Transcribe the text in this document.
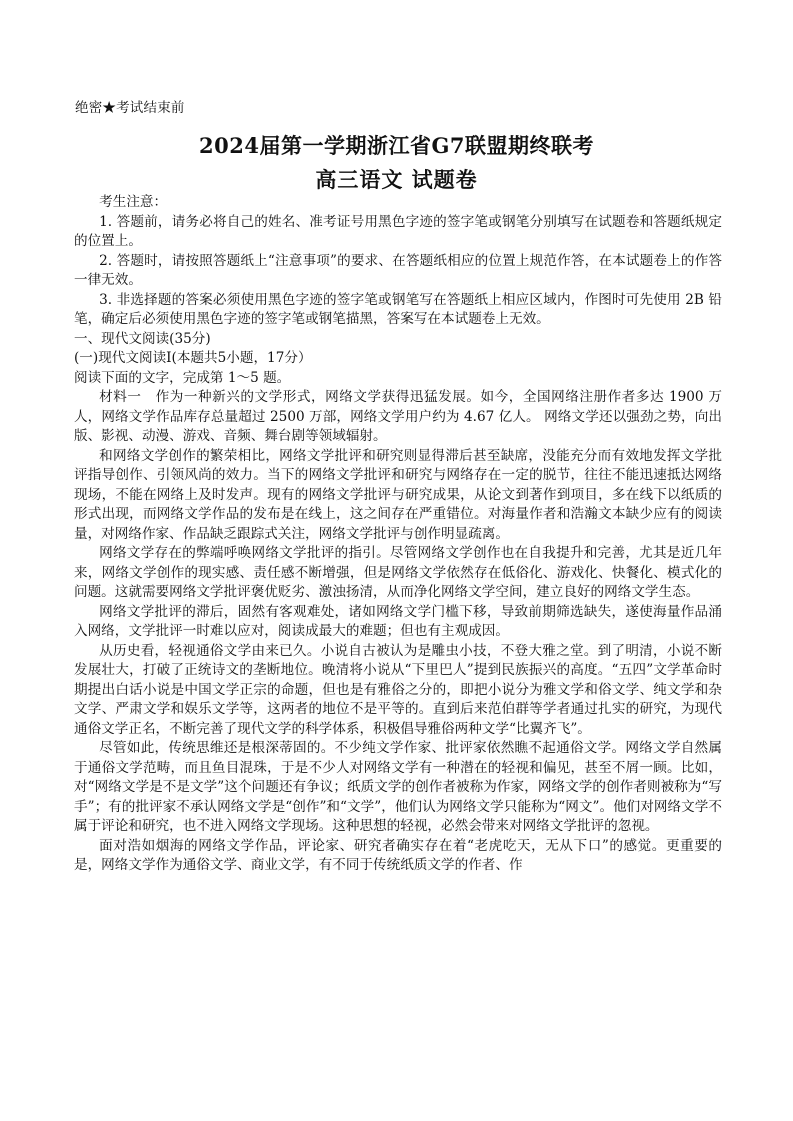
绝密★考试结束前
2024届第一学期浙江省G7联盟期终联考
高三语文 试题卷

考生注意：

1. 答题前，请务必将自己的姓名、准考证号用黑色字迹的签字笔或钢笔分别填写在试题卷和答题纸规定的位置上。

2. 答题时，请按照答题纸上“注意事项”的要求、在答题纸相应的位置上规范作答，在本试题卷上的作答一律无效。

3. 非选择题的答案必须使用黑色字迹的签字笔或钢笔写在答题纸上相应区域内，作图时可先使用 2B 铅笔，确定后必须使用黑色字迹的签字笔或钢笔描黑，答案写在本试题卷上无效。

一、现代文阅读(35分)

(一)现代文阅读Ⅰ(本题共5小题，17分）

阅读下面的文字，完成第 1～5 题。

材料一　作为一种新兴的文学形式，网络文学获得迅猛发展。如今，全国网络注册作者多达 1900 万人，网络文学作品库存总量超过 2500 万部，网络文学用户约为 4.67 亿人。 网络文学还以强劲之势，向出版、影视、动漫、游戏、音频、舞台剧等领域辐射。

和网络文学创作的繁荣相比，网络文学批评和研究则显得滞后甚至缺席，没能充分而有效地发挥文学批评指导创作、引领风尚的效力。当下的网络文学批评和研究与网络存在一定的脱节，往往不能迅速抵达网络现场，不能在网络上及时发声。现有的网络文学批评与研究成果，从论文到著作到项目，多在线下以纸质的形式出现，而网络文学作品的发布是在线上，这之间存在严重错位。对海量作者和浩瀚文本缺少应有的阅读量，对网络作家、作品缺乏跟踪式关注，网络文学批评与创作明显疏离。

网络文学存在的弊端呼唤网络文学批评的指引。尽管网络文学创作也在自我提升和完善，尤其是近几年来，网络文学创作的现实感、责任感不断增强，但是网络文学依然存在低俗化、游戏化、快餐化、模式化的问题。这就需要网络文学批评褒优贬劣、激浊扬清，从而净化网络文学空间，建立良好的网络文学生态。

网络文学批评的滞后，固然有客观难处，诸如网络文学门槛下移，导致前期筛选缺失，遂使海量作品涌入网络，文学批评一时难以应对，阅读成最大的难题；但也有主观成因。

从历史看，轻视通俗文学由来已久。小说自古被认为是雕虫小技，不登大雅之堂。到了明清，小说不断发展壮大，打破了正统诗文的垄断地位。晚清将小说从“下里巴人”提到民族振兴的高度。“五四”文学革命时期提出白话小说是中国文学正宗的命题，但也是有雅俗之分的，即把小说分为雅文学和俗文学、纯文学和杂文学、严肃文学和娱乐文学等，这两者的地位不是平等的。直到后来范伯群等学者通过扎实的研究，为现代通俗文学正名，不断完善了现代文学的科学体系，积极倡导雅俗两种文学“比翼齐飞”。

尽管如此，传统思维还是根深蒂固的。不少纯文学作家、批评家依然瞧不起通俗文学。网络文学自然属于通俗文学范畴，而且鱼目混珠，于是不少人对网络文学有一种潜在的轻视和偏见，甚至不屑一顾。比如，对“网络文学是不是文学”这个问题还有争议；纸质文学的创作者被称为作家，网络文学的创作者则被称为“写手”；有的批评家不承认网络文学是“创作”和“文学”，他们认为网络文学只能称为“网文”。他们对网络文学不属于评论和研究，也不进入网络文学现场。这种思想的轻视，必然会带来对网络文学批评的忽视。

面对浩如烟海的网络文学作品，评论家、研究者确实存在着“老虎吃天，无从下口”的感觉。更重要的是，网络文学作为通俗文学、商业文学，有不同于传统纸质文学的作者、作
